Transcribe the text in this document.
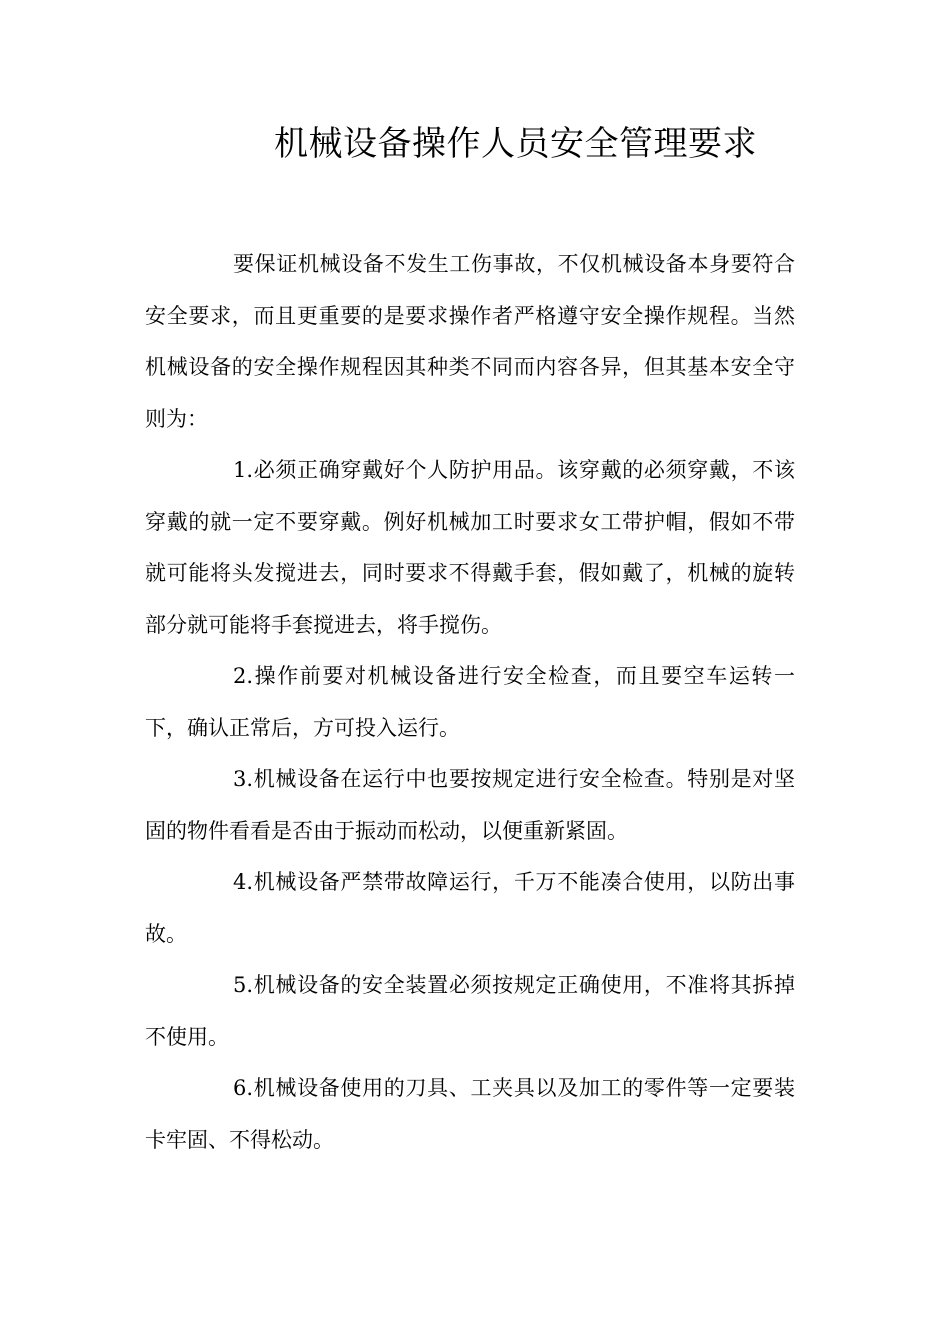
机械设备操作人员安全管理要求

要保证机械设备不发生工伤事故，不仅机械设备本身要符合安全要求，而且更重要的是要求操作者严格遵守安全操作规程。当然机械设备的安全操作规程因其种类不同而内容各异，但其基本安全守则为：

1.必须正确穿戴好个人防护用品。该穿戴的必须穿戴，不该穿戴的就一定不要穿戴。例好机械加工时要求女工带护帽，假如不带就可能将头发搅进去，同时要求不得戴手套，假如戴了，机械的旋转部分就可能将手套搅进去，将手搅伤。

2.操作前要对机械设备进行安全检查，而且要空车运转一下，确认正常后，方可投入运行。

3.机械设备在运行中也要按规定进行安全检查。特别是对坚固的物件看看是否由于振动而松动，以便重新紧固。

4.机械设备严禁带故障运行，千万不能凑合使用，以防出事故。

5.机械设备的安全装置必须按规定正确使用，不准将其拆掉不使用。

6.机械设备使用的刀具、工夹具以及加工的零件等一定要装卡牢固、不得松动。
